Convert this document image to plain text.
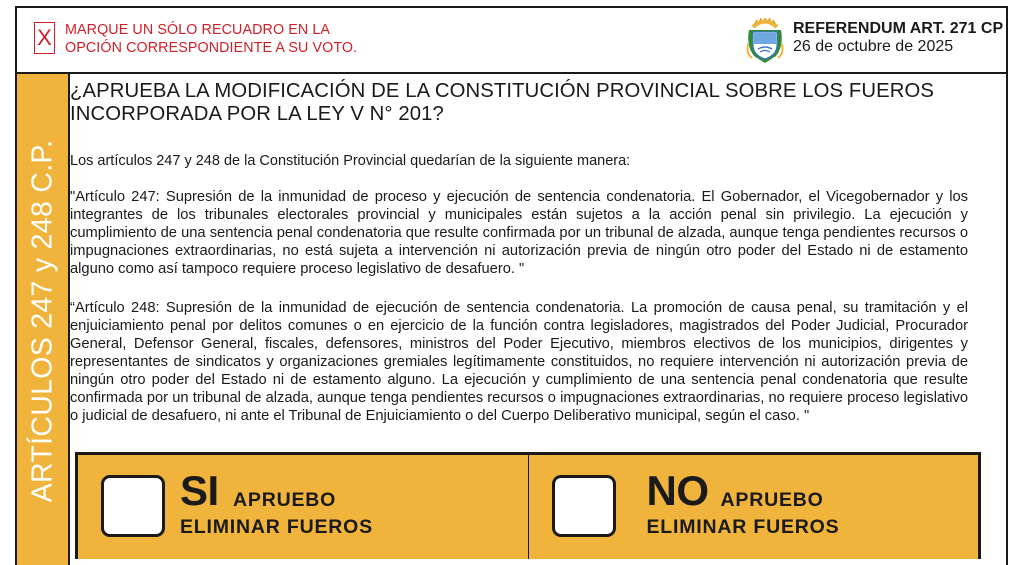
X MARQUE UN SÓLO RECUADRO EN LA
OPCIÓN CORRESPONDIENTE A SU VOTO.
REFERENDUM ART. 271 CP
26 de octubre de 2025
ARTÍCULOS 247 y 248 C.P.
¿APRUEBA LA MODIFICACIÓN DE LA CONSTITUCIÓN PROVINCIAL SOBRE LOS FUEROS
INCORPORADA POR LA LEY V N° 201?
Los artículos 247 y 248 de la Constitución Provincial quedarían de la siguiente manera:
"Artículo 247: Supresión de la inmunidad de proceso y ejecución de sentencia condenatoria. El Gobernador, el Vicegobernador y los integrantes de los tribunales electorales provincial y municipales están sujetos a la acción penal sin privilegio. La ejecución y cumplimiento de una sentencia penal condenatoria que resulte confirmada por un tribunal de alzada, aunque tenga pendientes recursos o impugnaciones extraordinarias, no está sujeta a intervención ni autorización previa de ningún otro poder del Estado ni de estamento alguno como así tampoco requiere proceso legislativo de desafuero. "
“Artículo 248: Supresión de la inmunidad de ejecución de sentencia condenatoria. La promoción de causa penal, su tramitación y el enjuiciamiento penal por delitos comunes o en ejercicio de la función contra legisladores, magistrados del Poder Judicial, Procurador General, Defensor General, fiscales, defensores, ministros del Poder Ejecutivo, miembros electivos de los municipios, dirigentes y representantes de sindicatos y organizaciones gremiales legítimamente constituidos, no requiere intervención ni autorización previa de ningún otro poder del Estado ni de estamento alguno. La ejecución y cumplimiento de una sentencia penal condenatoria que resulte confirmada por un tribunal de alzada, aunque tenga pendientes recursos o impugnaciones extraordinarias, no requiere proceso legislativo o judicial de desafuero, ni ante el Tribunal de Enjuiciamiento o del Cuerpo Deliberativo municipal, según el caso. "
SI APRUEBO
ELIMINAR FUEROS
NO APRUEBO
ELIMINAR FUEROS
